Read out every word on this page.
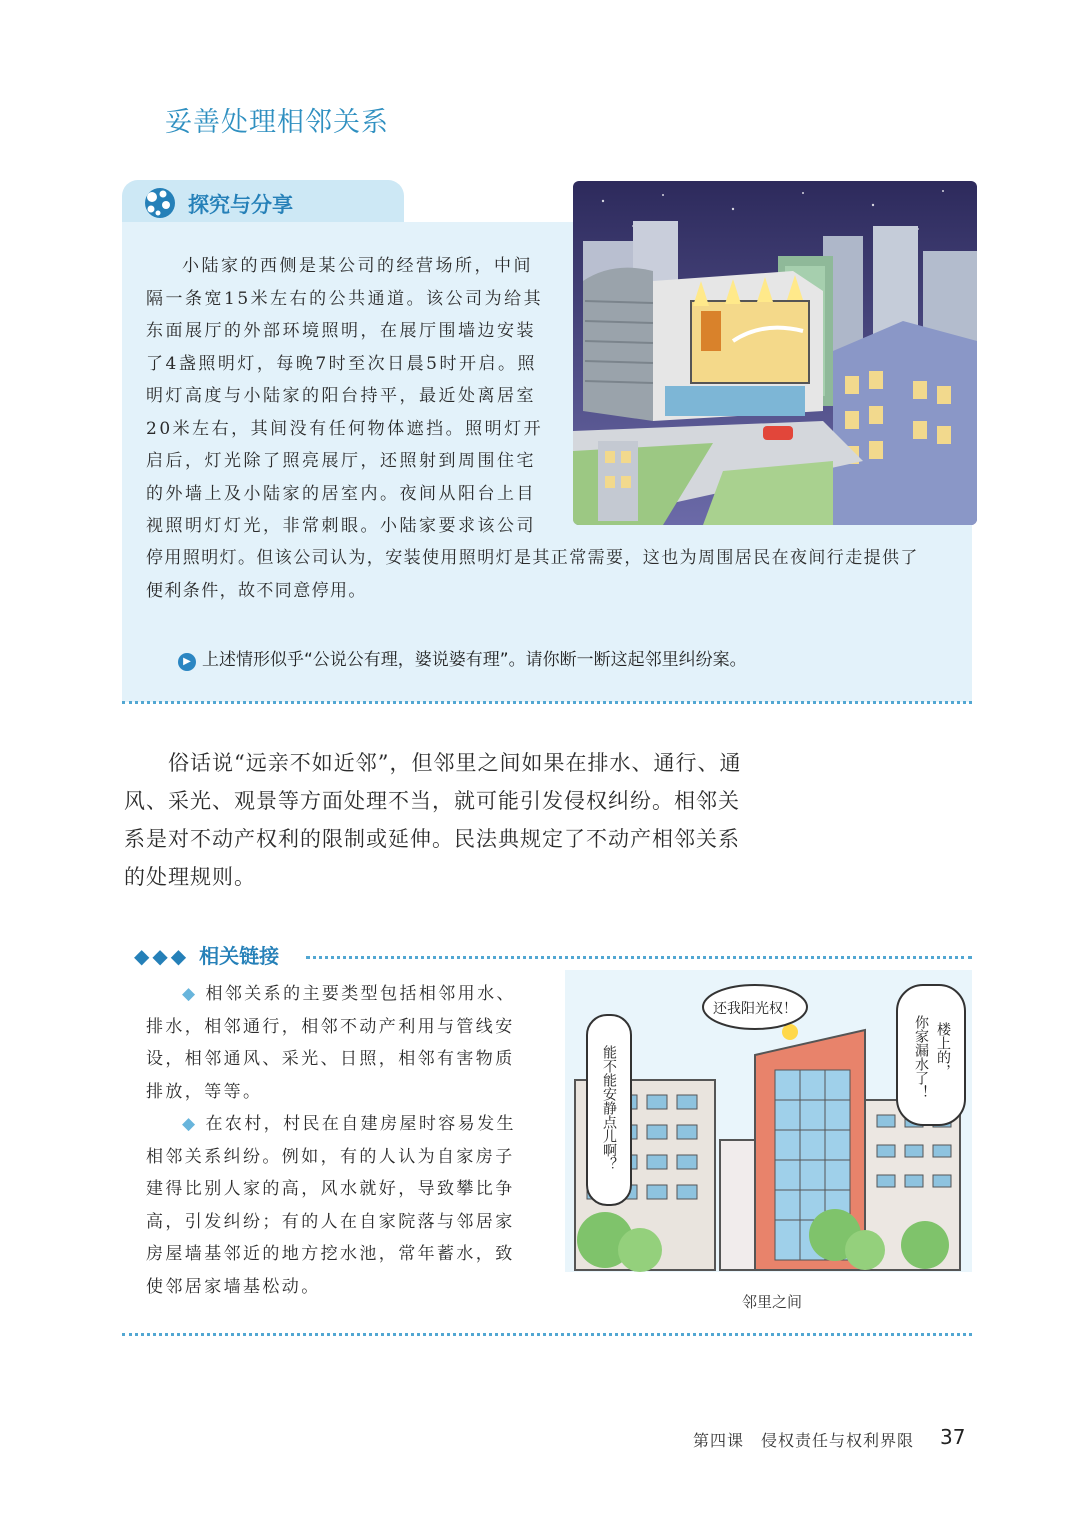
妥善处理相邻关系
探究与分享

小陆家的西侧是某公司的经营场所，中间

隔一条宽15米左右的公共通道。该公司为给其

东面展厅的外部环境照明，在展厅围墙边安装

了4盏照明灯，每晚7时至次日晨5时开启。照

明灯高度与小陆家的阳台持平，最近处离居室

20米左右，其间没有任何物体遮挡。照明灯开

启后，灯光除了照亮展厅，还照射到周围住宅

的外墙上及小陆家的居室内。夜间从阳台上目

视照明灯灯光，非常刺眼。小陆家要求该公司

停用照明灯。但该公司认为，安装使用照明灯是其正常需要，这也为周围居民在夜间行走提供了

便利条件，故不同意停用。

▶ 上述情形似乎“公说公有理，婆说婆有理”。请你断一断这起邻里纠纷案。
俗话说“远亲不如近邻”，但邻里之间如果在排水、通行、通
风、采光、观景等方面处理不当，就可能引发侵权纠纷。相邻关
系是对不动产权利的限制或延伸。民法典规定了不动产相邻关系
的处理规则。
◆◆◆ 相关链接

◆ 相邻关系的主要类型包括相邻用水、

排水，相邻通行，相邻不动产利用与管线安

设，相邻通风、采光、日照，相邻有害物质

排放，等等。

◆ 在农村，村民在自建房屋时容易发生

相邻关系纠纷。例如，有的人认为自家房子

建得比别人家的高，风水就好，导致攀比争

高，引发纠纷；有的人在自家院落与邻居家

房屋墙基邻近的地方挖水池，常年蓄水，致

使邻居家墙基松动。

还我阳光权！
能不能安静点儿啊？	楼上的，
你家漏水了！
邻里之间
第四课　侵权责任与权利界限 37
